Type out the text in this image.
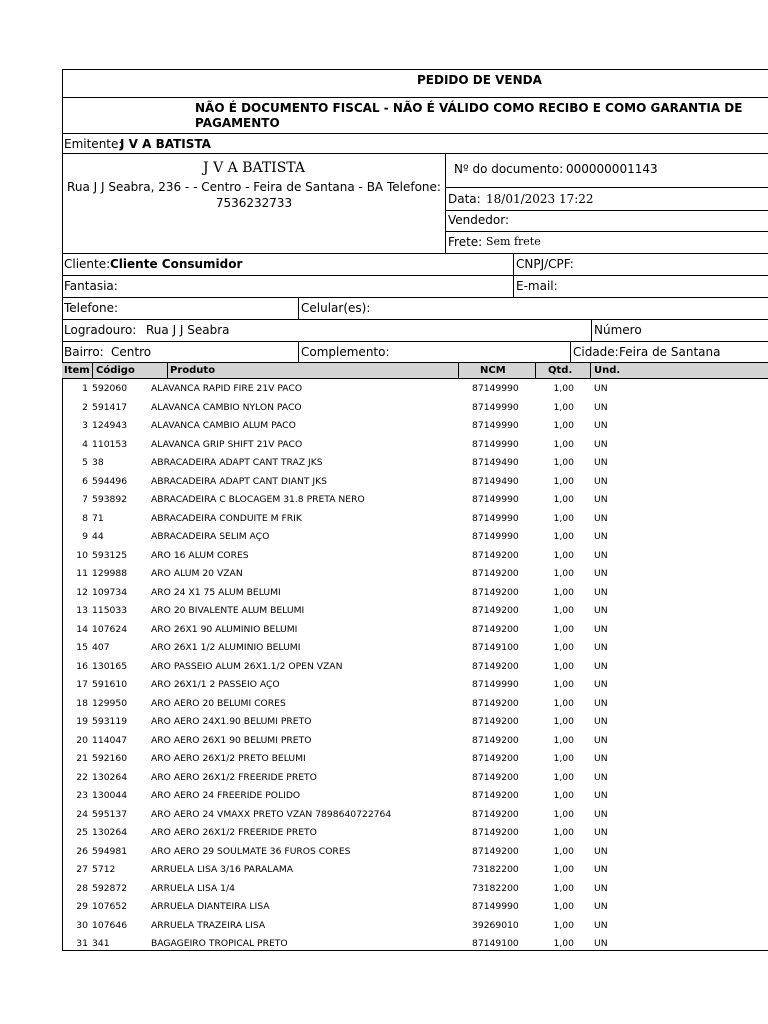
PEDIDO DE VENDA
NÃO É DOCUMENTO FISCAL - NÃO É VÁLIDO COMO RECIBO E COMO GARANTIA DE
PAGAMENTO
Emitente:
J V A BATISTA
J V A BATISTA
Rua J J Seabra, 236 - - Centro - Feira de Santana - BA Telefone:
7536232733
Nº do documento: 000000001143
Data: 18/01/2023 17:22
Vendedor:
Frete: Sem frete
Cliente: Cliente Consumidor	CNPJ/CPF:
Fantasia:	E-mail:
Telefone:	Celular(es):
Logradouro: Rua J J Seabra	Número
Bairro: Centro	Complemento:	Cidade: Feira de Santana
Item Código	Produto	NCM	Qtd. Und.
1 592060	ALAVANCA RAPID FIRE 21V PACO	87149990	1,00 UN
2 591417	ALAVANCA CAMBIO NYLON PACO	87149990	1,00 UN
3 124943	ALAVANCA CAMBIO ALUM PACO	87149990	1,00 UN
4 110153	ALAVANCA GRIP SHIFT 21V PACO	87149990	1,00 UN
5 38	ABRACADEIRA ADAPT CANT TRAZ JKS	87149490	1,00 UN
6 594496	ABRACADEIRA ADAPT CANT DIANT JKS	87149490	1,00 UN
7 593892	ABRACADEIRA C BLOCAGEM 31.8 PRETA NERO	87149990	1,00 UN
8 71	ABRACADEIRA CONDUITE M FRIK	87149990	1,00 UN
9 44	ABRACADEIRA SELIM AÇO	87149990	1,00 UN
10 593125	ARO 16 ALUM CORES	87149200	1,00 UN
11 129988	ARO ALUM 20 VZAN	87149200	1,00 UN
12 109734	ARO 24 X1 75 ALUM BELUMI	87149200	1,00 UN
13 115033	ARO 20 BIVALENTE ALUM BELUMI	87149200	1,00 UN
14 107624	ARO 26X1 90 ALUMINIO BELUMI	87149200	1,00 UN
15 407	ARO 26X1 1/2 ALUMINIO BELUMI	87149100	1,00 UN
16 130165	ARO PASSEIO ALUM 26X1.1/2 OPEN VZAN	87149200	1,00 UN
17 591610	ARO 26X1/1 2 PASSEIO AÇO	87149990	1,00 UN
18 129950	ARO AERO 20 BELUMI CORES	87149200	1,00 UN
19 593119	ARO AERO 24X1.90 BELUMI PRETO	87149200	1,00 UN
20 114047	ARO AERO 26X1 90 BELUMI PRETO	87149200	1,00 UN
21 592160	ARO AERO 26X1/2 PRETO BELUMI	87149200	1,00 UN
22 130264	ARO AERO 26X1/2 FREERIDE PRETO	87149200	1,00 UN
23 130044	ARO AERO 24 FREERIDE POLIDO	87149200	1,00 UN
24 595137	ARO AERO 24 VMAXX PRETO VZAN 7898640722764	87149200	1,00 UN
25 130264	ARO AERO 26X1/2 FREERIDE PRETO	87149200	1,00 UN
26 594981	ARO AERO 29 SOULMATE 36 FUROS CORES	87149200	1,00 UN
27 5712	ARRUELA LISA 3/16 PARALAMA	73182200	1,00 UN
28 592872	ARRUELA LISA 1/4	73182200	1,00 UN
29 107652	ARRUELA DIANTEIRA LISA	87149990	1,00 UN
30 107646	ARRUELA TRAZEIRA LISA	39269010	1,00 UN
31 341	BAGAGEIRO TROPICAL PRETO	87149100	1,00 UN
